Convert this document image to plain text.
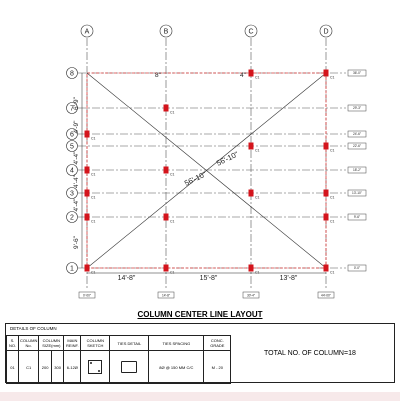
A
0'-00"
B
14'-8"
C
30'-4"
D
44'-00"
1	0'-0"
2	9'-6"
3	13'-10"
4	18'-2"
5	22'-6"
6	24'-6"
7	29'-3"
8	36'-0"
56'-10"
56'-10"
9'-6"
4'-4"
4'-4"
4'-4"
4'-9"
6'-9"
14'-8"	15'-8"	13'-8"
8"	4"
C1	C1	C1	C1
C1	C1	C1
C1	C1	C1
C1	C1
C1	C1
C1
C1
C1	C1
COLUMN CENTER LINE LAYOUT
DETAILS OF COLUMN
S. NO.	COLUMN No.	COLUMN SIZE(mm)		MAIN REINF.	COLUMN SKETCH	TIES DETAIL	TIES SPACING	CONC. GRADE
01	C1	200	300	6-12Ø			8Ø @ 150 MM C/C	M - 20
TOTAL NO. OF COLUMN=18
